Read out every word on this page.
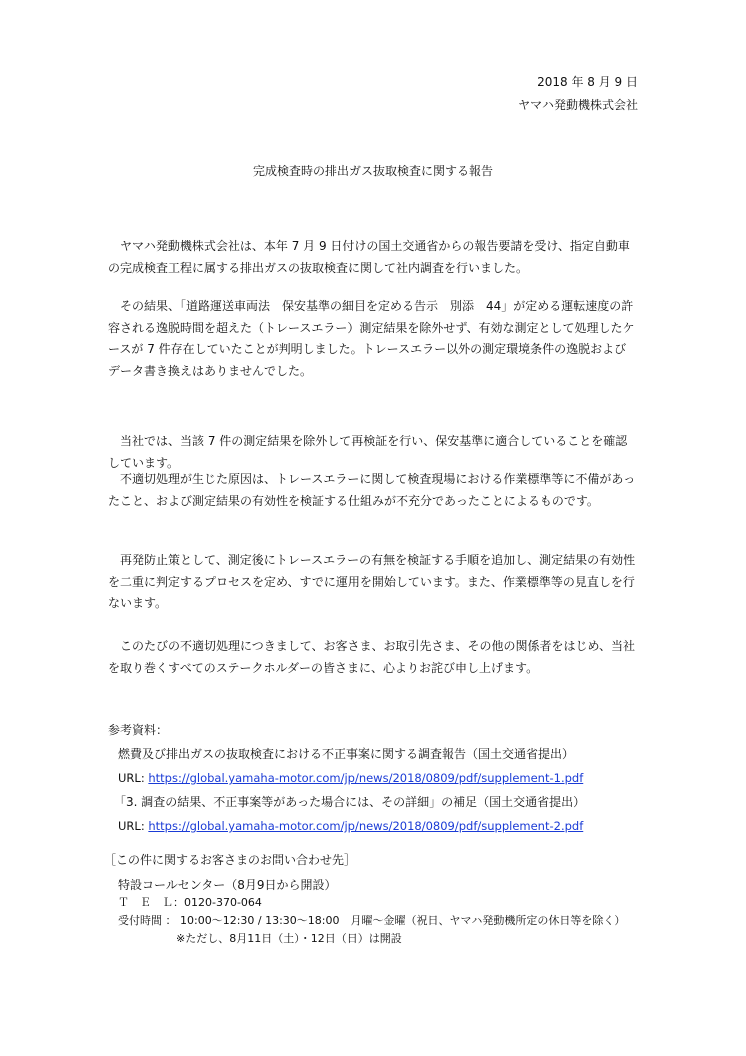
2018 年 8 月 9 日
ヤマハ発動機株式会社
完成検査時の排出ガス抜取検査に関する報告

ヤマハ発動機株式会社は、本年 7 月 9 日付けの国土交通省からの報告要請を受け、指定自動車の完成検査工程に属する排出ガスの抜取検査に関して社内調査を行いました。

その結果、「道路運送車両法　保安基準の細目を定める告示　別添　44」が定める運転速度の許容される逸脱時間を超えた（トレースエラー）測定結果を除外せず、有効な測定として処理したケースが 7 件存在していたことが判明しました。トレースエラー以外の測定環境条件の逸脱およびデータ書き換えはありませんでした。

当社では、当該 7 件の測定結果を除外して再検証を行い、保安基準に適合していることを確認しています。

不適切処理が生じた原因は、トレースエラーに関して検査現場における作業標準等に不備があったこと、および測定結果の有効性を検証する仕組みが不充分であったことによるものです。

再発防止策として、測定後にトレースエラーの有無を検証する手順を追加し、測定結果の有効性を二重に判定するプロセスを定め、すでに運用を開始しています。また、作業標準等の見直しを行ないます。

このたびの不適切処理につきまして、お客さま、お取引先さま、その他の関係者をはじめ、当社を取り巻くすべてのステークホルダーの皆さまに、心よりお詫び申し上げます。

参考資料：
燃費及び排出ガスの抜取検査における不正事案に関する調査報告（国土交通省提出）
URL: https://global.yamaha-motor.com/jp/news/2018/0809/pdf/supplement-1.pdf
「3. 調査の結果、不正事案等があった場合には、その詳細」の補足（国土交通省提出）
URL: https://global.yamaha-motor.com/jp/news/2018/0809/pdf/supplement-2.pdf
［この件に関するお客さまのお問い合わせ先］
特設コールセンター（8月9日から開設）
Ｔ　Ｅ　Ｌ：0120-370-064
受付時間 ： 10:00～12:30 / 13:30～18:00　月曜～金曜（祝日、ヤマハ発動機所定の休日等を除く）
※ただし、8月11日（土）・12日（日）は開設
